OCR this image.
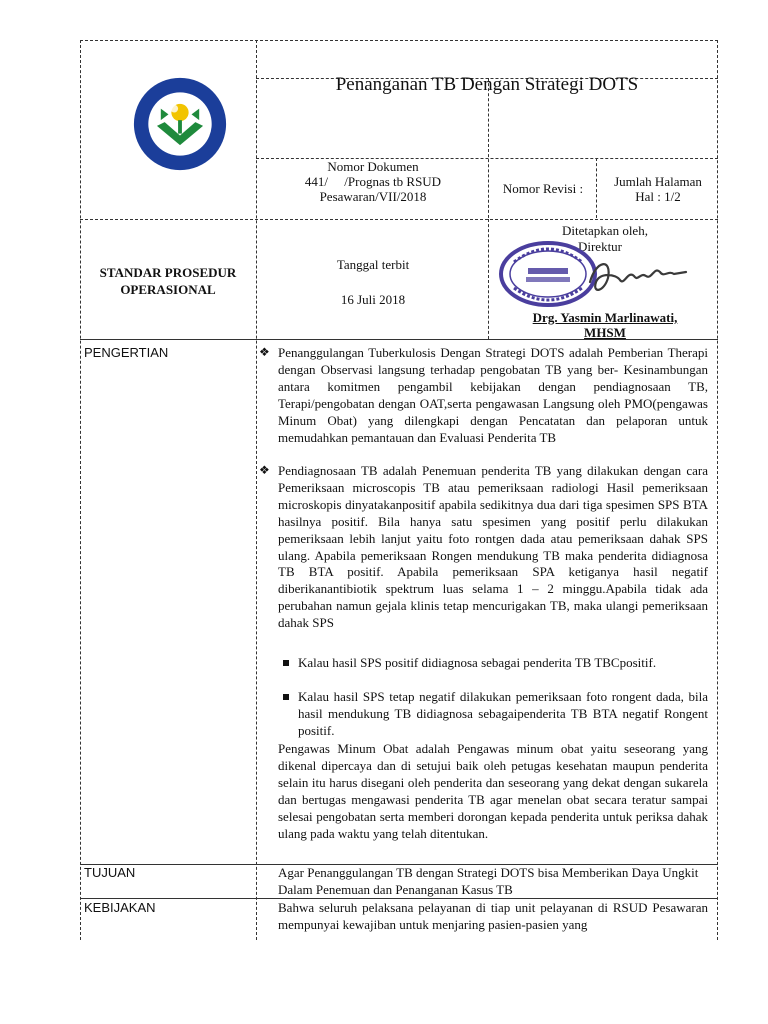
Penanganan TB Dengan Strategi DOTS
Nomor Dokumen
441/     /Prognas tb RSUD
Pesawaran/VII/2018
Nomor Revisi :	Jumlah Halaman
Hal : 1/2
STANDAR PROSEDUR
OPERASIONAL
Tanggal terbit
16 Juli 2018
Ditetapkan oleh,
Direktur
Drg. Yasmin Marlinawati,
MHSM
PENGERTIAN	❖ Penanggulangan Tuberkulosis Dengan Strategi DOTS adalah Pemberian Therapi dengan Observasi langsung terhadap pengobatan TB yang ber- Kesinambungan antara komitmen pengambil kebijakan dengan pendiagnosaan TB, Terapi/pengobatan dengan OAT,serta pengawasan Langsung oleh PMO(pengawas Minum Obat) yang dilengkapi dengan Pencatatan dan pelaporan untuk memudahkan pemantauan dan Evaluasi Penderita TB
❖ Pendiagnosaan TB adalah Penemuan penderita TB yang dilakukan dengan cara Pemeriksaan microscopis TB atau pemeriksaan radiologi Hasil pemeriksaan microskopis dinyatakanpositif apabila sedikitnya dua dari tiga spesimen SPS BTA hasilnya positif. Bila hanya satu spesimen yang positif perlu dilakukan pemeriksaan lebih lanjut yaitu foto rontgen dada atau pemeriksaan dahak SPS ulang. Apabila pemeriksaan Rongen mendukung TB maka penderita didiagnosa TB BTA positif. Apabila pemeriksaan SPA ketiganya hasil negatif diberikanantibiotik spektrum luas selama 1 – 2 minggu.Apabila tidak ada perubahan namun gejala klinis tetap mencurigakan TB, maka ulangi pemeriksaan dahak SPS
Kalau hasil SPS positif didiagnosa sebagai penderita TB TBCpositif.
Kalau hasil SPS tetap negatif dilakukan pemeriksaan foto rongent dada, bila hasil mendukung TB didiagnosa sebagaipenderita TB BTA negatif Rongent positif.
Pengawas Minum Obat adalah Pengawas minum obat yaitu seseorang yang dikenal dipercaya dan di setujui baik oleh petugas kesehatan maupun penderita selain itu harus disegani oleh penderita dan seseorang yang dekat dengan sukarela dan bertugas mengawasi penderita TB agar menelan obat secara teratur sampai selesai pengobatan serta memberi dorongan kepada penderita untuk periksa dahak ulang pada waktu yang telah ditentukan.
TUJUAN	Agar Penanggulangan TB dengan Strategi DOTS bisa Memberikan Daya Ungkit Dalam Penemuan dan Penanganan Kasus TB
KEBIJAKAN	Bahwa seluruh pelaksana pelayanan di tiap unit pelayanan di RSUD Pesawaran mempunyai kewajiban untuk menjaring pasien-pasien yang
